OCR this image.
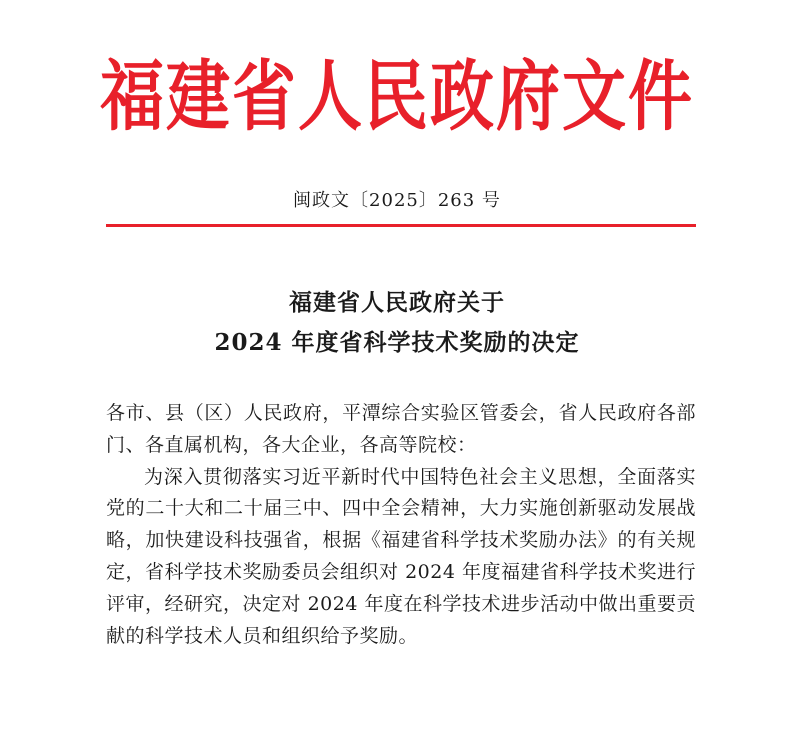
福建省人民政府文件
闽政文〔2025〕263 号
福建省人民政府关于
2024 年度省科学技术奖励的决定

各市、县（区）人民政府，平潭综合实验区管委会，省人民政府各部门、各直属机构，各大企业，各高等院校：

为深入贯彻落实习近平新时代中国特色社会主义思想，全面落实党的二十大和二十届三中、四中全会精神，大力实施创新驱动发展战略，加快建设科技强省，根据《福建省科学技术奖励办法》的有关规定，省科学技术奖励委员会组织对 2024 年度福建省科学技术奖进行评审，经研究，决定对 2024 年度在科学技术进步活动中做出重要贡献的科学技术人员和组织给予奖励。
